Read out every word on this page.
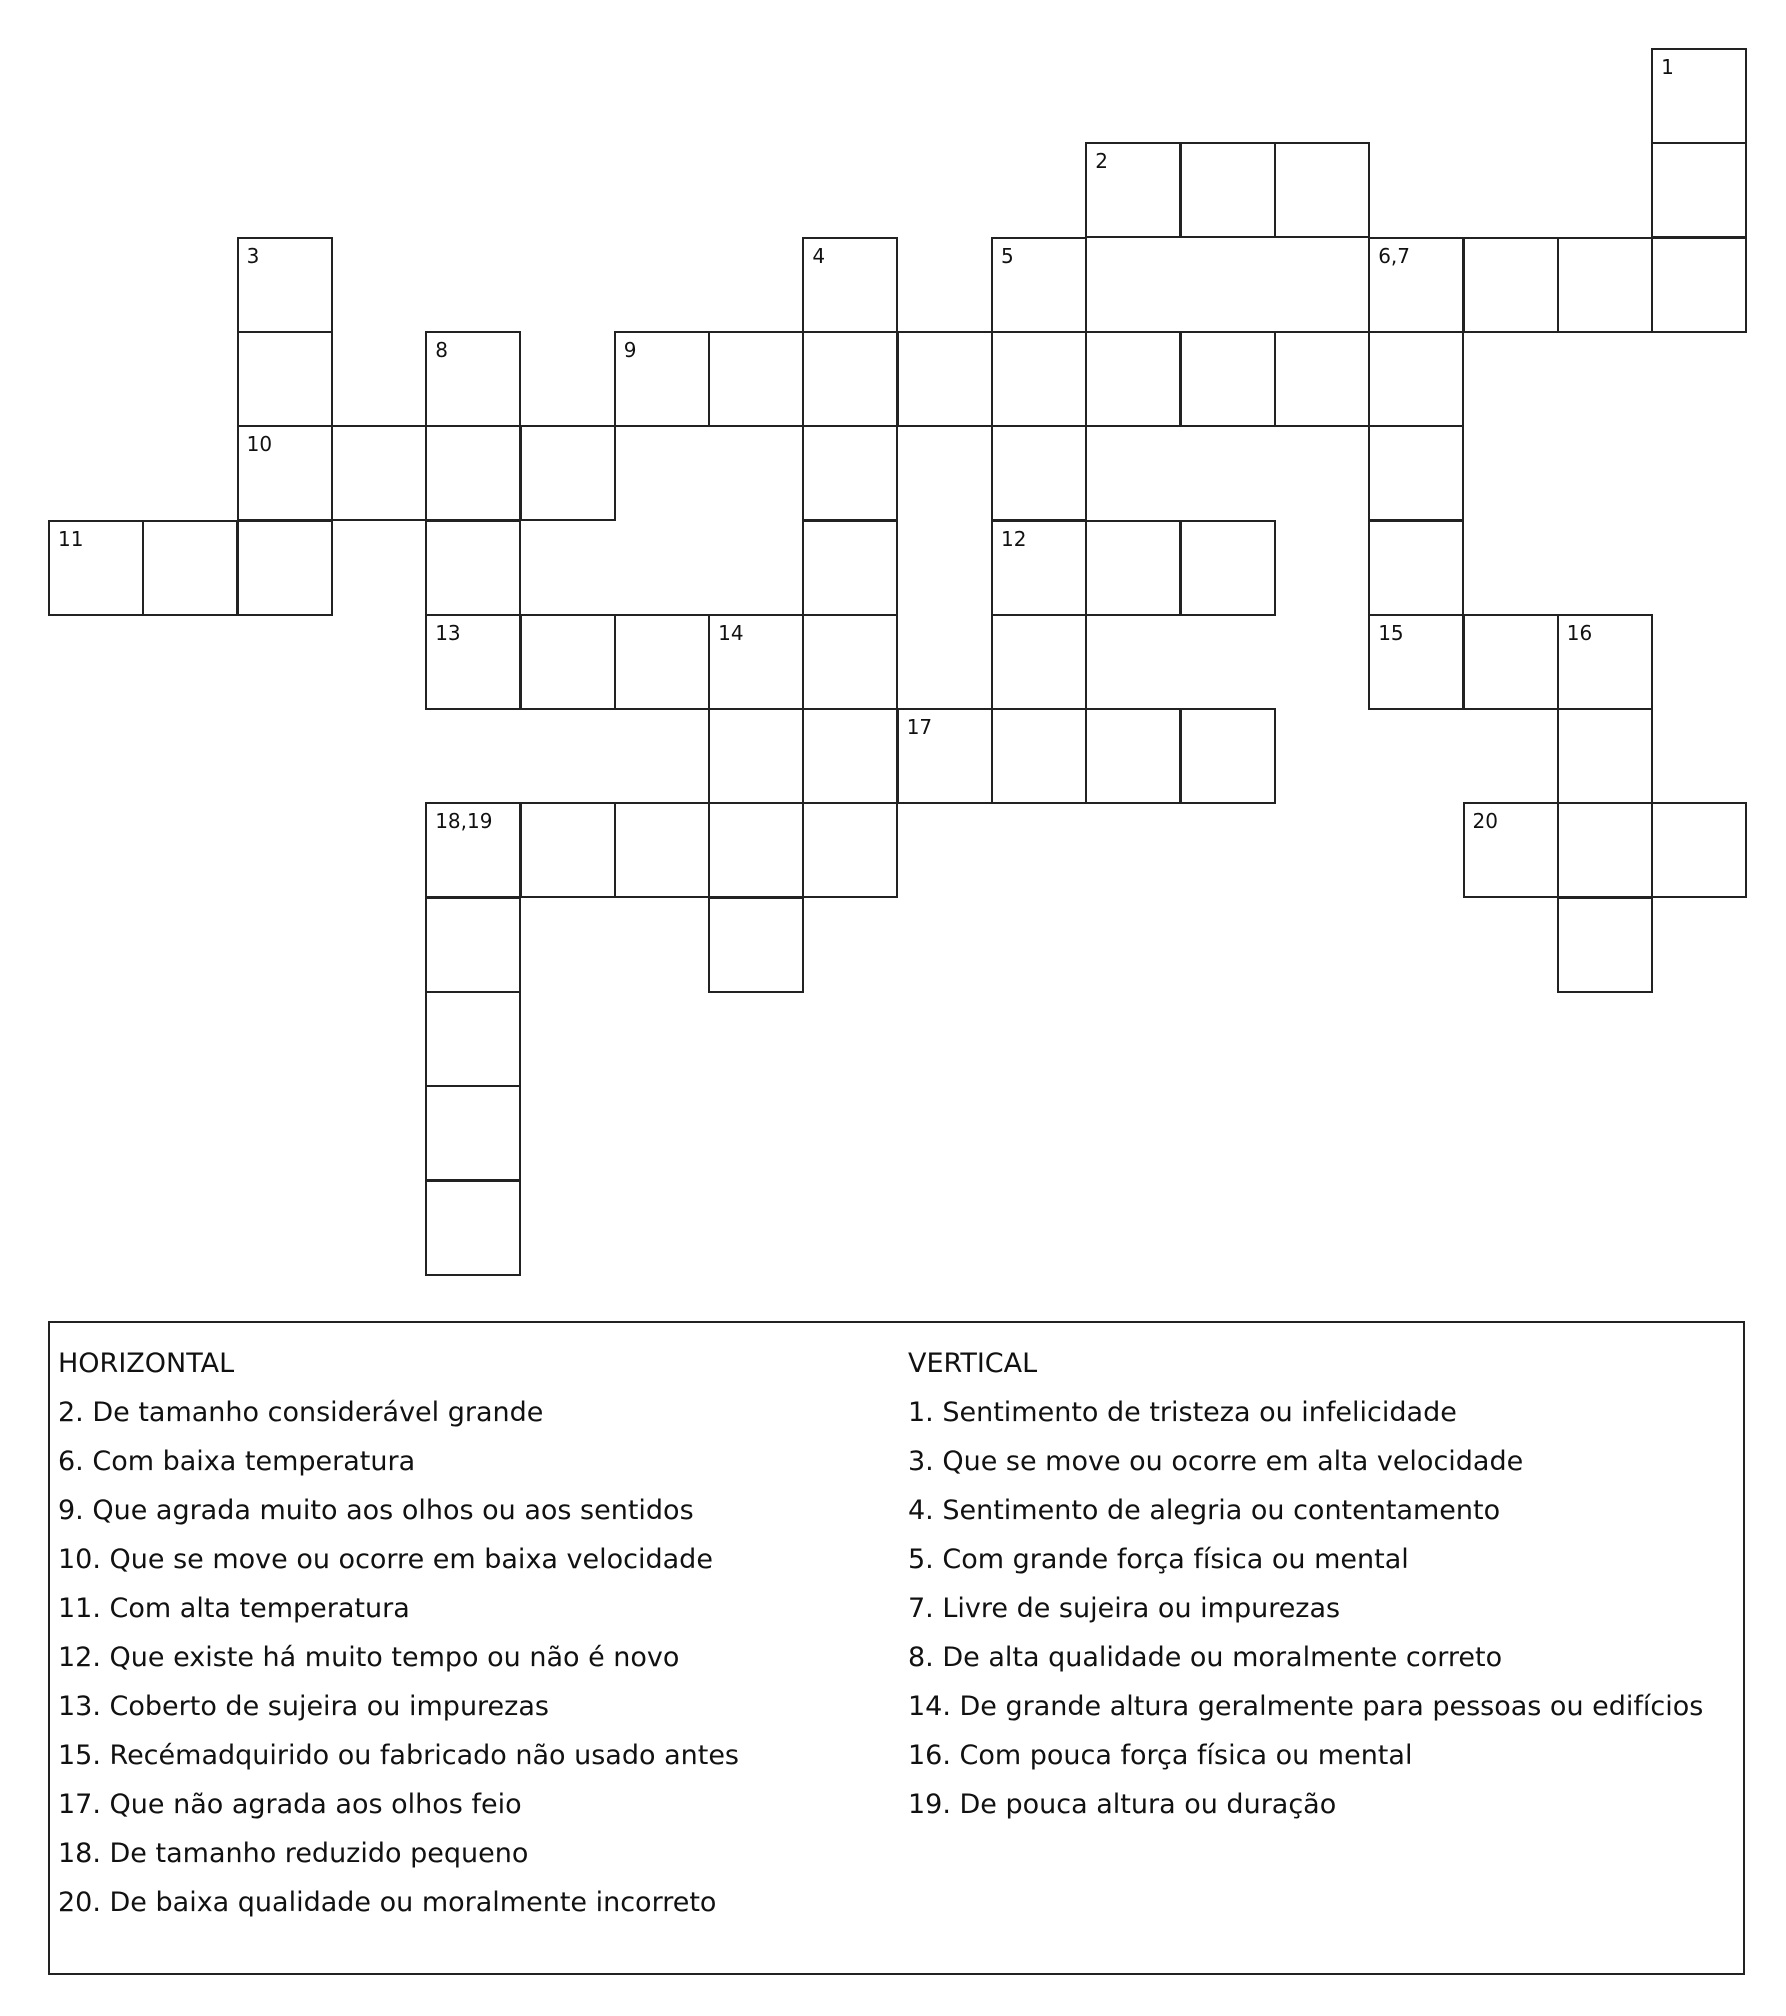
1
2
3	4	5	6,7
8	9
10
11	12
13	14	15	16
17
18,19	20
HORIZONTAL
2. De tamanho considerável grande
6. Com baixa temperatura
9. Que agrada muito aos olhos ou aos sentidos
10. Que se move ou ocorre em baixa velocidade
11. Com alta temperatura
12. Que existe há muito tempo ou não é novo
13. Coberto de sujeira ou impurezas
15. Recémadquirido ou fabricado não usado antes
17. Que não agrada aos olhos feio
18. De tamanho reduzido pequeno
20. De baixa qualidade ou moralmente incorreto
VERTICAL
1. Sentimento de tristeza ou infelicidade
3. Que se move ou ocorre em alta velocidade
4. Sentimento de alegria ou contentamento
5. Com grande força física ou mental
7. Livre de sujeira ou impurezas
8. De alta qualidade ou moralmente correto
14. De grande altura geralmente para pessoas ou edifícios
16. Com pouca força física ou mental
19. De pouca altura ou duração
